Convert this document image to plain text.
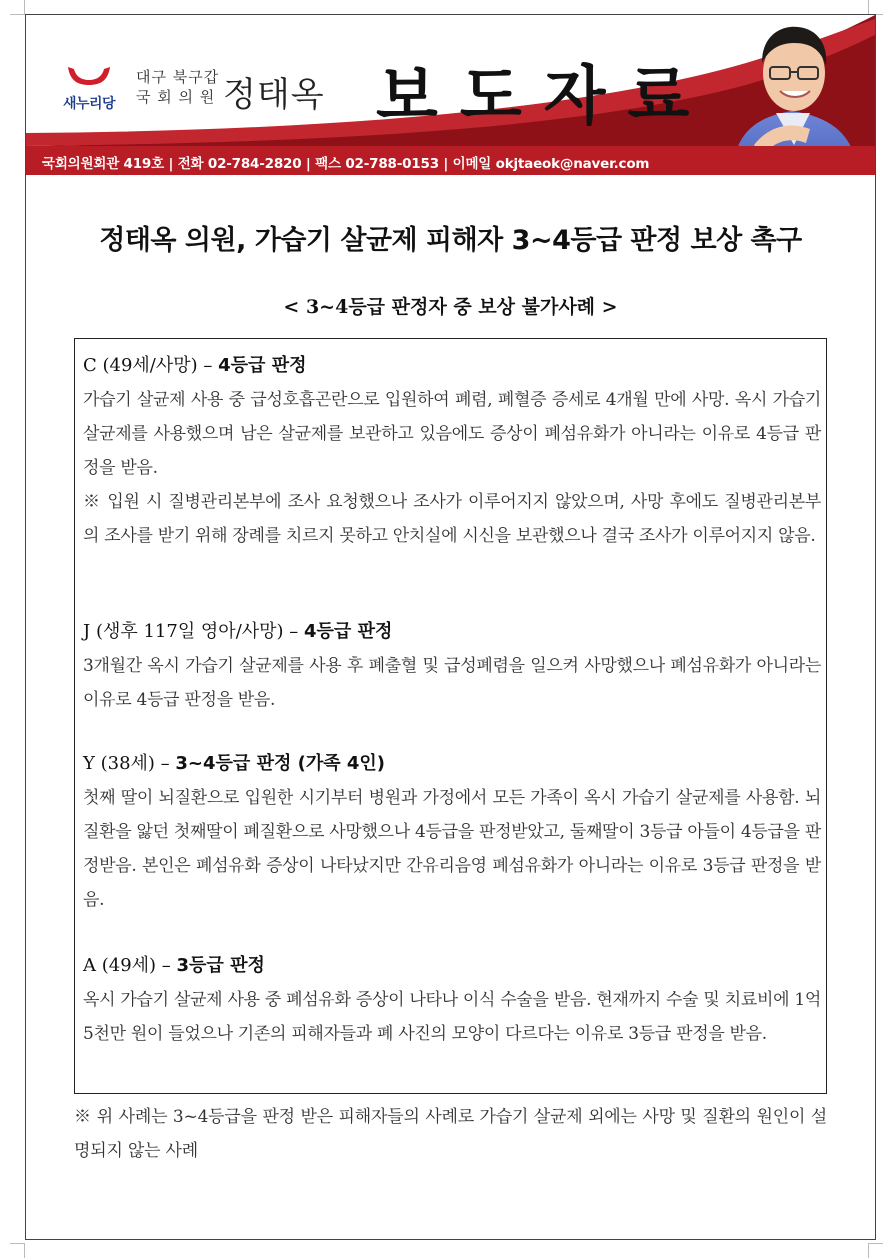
새누리당
대구 북구갑
국 회 의 원 정태옥 보도자료
국회의원회관 419호 | 전화 02-784-2820 | 팩스 02-788-0153 | 이메일 okjtaeok@naver.com
정태옥 의원, 가습기 살균제 피해자 3~4등급 판정 보상 촉구
< 3~4등급 판정자 중 보상 불가사례 >
C (49세/사망) – 4등급 판정

가습기 살균제 사용 중 급성호흡곤란으로 입원하여 폐렴, 폐혈증 증세로 4개월 만에 사망. 옥시 가습기 살균제를 사용했으며 남은 살균제를 보관하고 있음에도 증상이 폐섬유화가 아니라는 이유로 4등급 판정을 받음.

※ 입원 시 질병관리본부에 조사 요청했으나 조사가 이루어지지 않았으며, 사망 후에도 질병관리본부의 조사를 받기 위해 장례를 치르지 못하고 안치실에 시신을 보관했으나 결국 조사가 이루어지지 않음.

J (생후 117일 영아/사망) – 4등급 판정

3개월간 옥시 가습기 살균제를 사용 후 폐출혈 및 급성폐렴을 일으켜 사망했으나 폐섬유화가 아니라는 이유로 4등급 판정을 받음.

Y (38세) – 3~4등급 판정 (가족 4인)

첫째 딸이 뇌질환으로 입원한 시기부터 병원과 가정에서 모든 가족이 옥시 가습기 살균제를 사용함. 뇌질환을 앓던 첫째딸이 폐질환으로 사망했으나 4등급을 판정받았고, 둘째딸이 3등급 아들이 4등급을 판정받음. 본인은 폐섬유화 증상이 나타났지만 간유리음영 폐섬유화가 아니라는 이유로 3등급 판정을 받음.

A (49세) – 3등급 판정

옥시 가습기 살균제 사용 중 폐섬유화 증상이 나타나 이식 수술을 받음. 현재까지 수술 및 치료비에 1억 5천만 원이 들었으나 기존의 피해자들과 폐 사진의 모양이 다르다는 이유로 3등급 판정을 받음.

※ 위 사례는 3~4등급을 판정 받은 피해자들의 사례로 가습기 살균제 외에는 사망 및 질환의 원인이 설명되지 않는 사례
